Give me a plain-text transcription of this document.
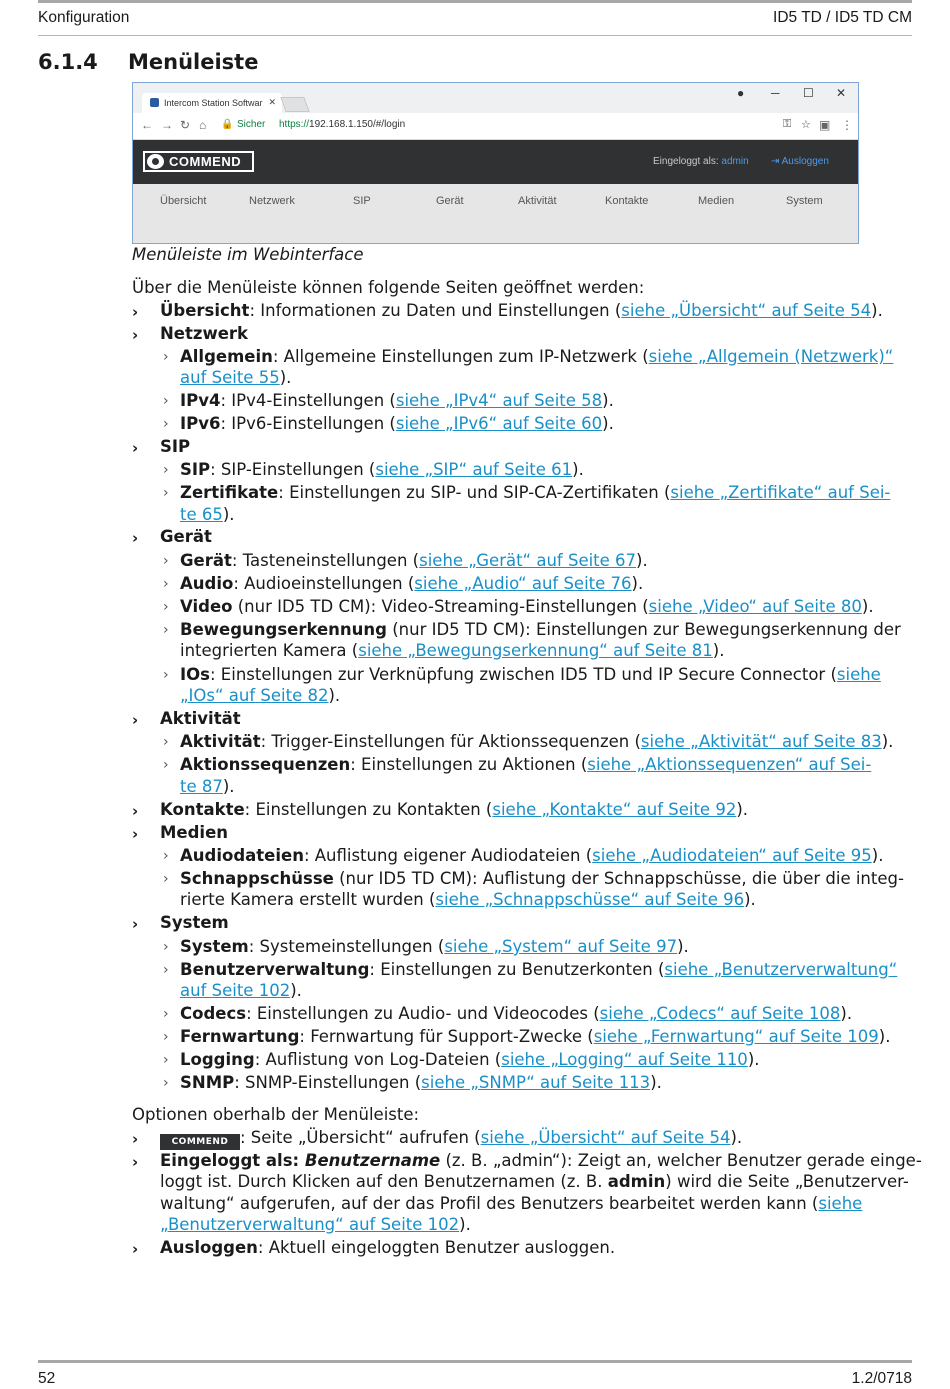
Konfiguration	ID5 TD / ID5 TD CM
6.1.4 Menüleiste
Intercom Station Softwar ✕
● ─ ☐ ✕
← → ↻ ⌂ 🔒 Sicher https://192.168.1.150/#/login	⚿ ☆ ▣ ⋮
COMMEND	Eingeloggt als: admin ⇥ Ausloggen
Übersicht	Netzwerk	SIP	Gerät	Aktivität	Kontakte	Medien	System
Menüleiste im Webinterface
Über die Menüleiste können folgende Seiten geöffnet werden:
› Übersicht: Informationen zu Daten und Einstellungen (siehe „Übersicht“ auf Seite 54).
› Netzwerk
› Allgemein: Allgemeine Einstellungen zum IP-Netzwerk (siehe „Allgemein (Netzwerk)“
auf Seite 55).
› IPv4: IPv4-Einstellungen (siehe „IPv4“ auf Seite 58).
› IPv6: IPv6-Einstellungen (siehe „IPv6“ auf Seite 60).
› SIP
› SIP: SIP-Einstellungen (siehe „SIP“ auf Seite 61).
› Zertifikate: Einstellungen zu SIP- und SIP-CA-Zertifikaten (siehe „Zertifikate“ auf Sei-
te 65).
› Gerät
› Gerät: Tasteneinstellungen (siehe „Gerät“ auf Seite 67).
› Audio: Audioeinstellungen (siehe „Audio“ auf Seite 76).
› Video (nur ID5 TD CM): Video-Streaming-Einstellungen (siehe „Video“ auf Seite 80).
› Bewegungserkennung (nur ID5 TD CM): Einstellungen zur Bewegungserkennung der
integrierten Kamera (siehe „Bewegungserkennung“ auf Seite 81).
› IOs: Einstellungen zur Verknüpfung zwischen ID5 TD und IP Secure Connector (siehe
„IOs“ auf Seite 82).
› Aktivität
› Aktivität: Trigger-Einstellungen für Aktionssequenzen (siehe „Aktivität“ auf Seite 83).
› Aktionssequenzen: Einstellungen zu Aktionen (siehe „Aktionssequenzen“ auf Sei-
te 87).
› Kontakte: Einstellungen zu Kontakten (siehe „Kontakte“ auf Seite 92).
› Medien
› Audiodateien: Auflistung eigener Audiodateien (siehe „Audiodateien“ auf Seite 95).
› Schnappschüsse (nur ID5 TD CM): Auflistung der Schnappschüsse, die über die integ-
rierte Kamera erstellt wurden (siehe „Schnappschüsse“ auf Seite 96).
› System
› System: Systemeinstellungen (siehe „System“ auf Seite 97).
› Benutzerverwaltung: Einstellungen zu Benutzerkonten (siehe „Benutzerverwaltung“
auf Seite 102).
› Codecs: Einstellungen zu Audio- und Videocodes (siehe „Codecs“ auf Seite 108).
› Fernwartung: Fernwartung für Support-Zwecke (siehe „Fernwartung“ auf Seite 109).
› Logging: Auflistung von Log-Dateien (siehe „Logging“ auf Seite 110).
› SNMP: SNMP-Einstellungen (siehe „SNMP“ auf Seite 113).
Optionen oberhalb der Menüleiste:
›	COMMEND : Seite „Übersicht“ aufrufen (siehe „Übersicht“ auf Seite 54).
› Eingeloggt als: Benutzername (z. B. „admin“): Zeigt an, welcher Benutzer gerade einge-
loggt ist. Durch Klicken auf den Benutzernamen (z. B. admin) wird die Seite „Benutzerver-
waltung“ aufgerufen, auf der das Profil des Benutzers bearbeitet werden kann (siehe
„Benutzerverwaltung“ auf Seite 102).
› Ausloggen: Aktuell eingeloggten Benutzer ausloggen.
52	1.2/0718
